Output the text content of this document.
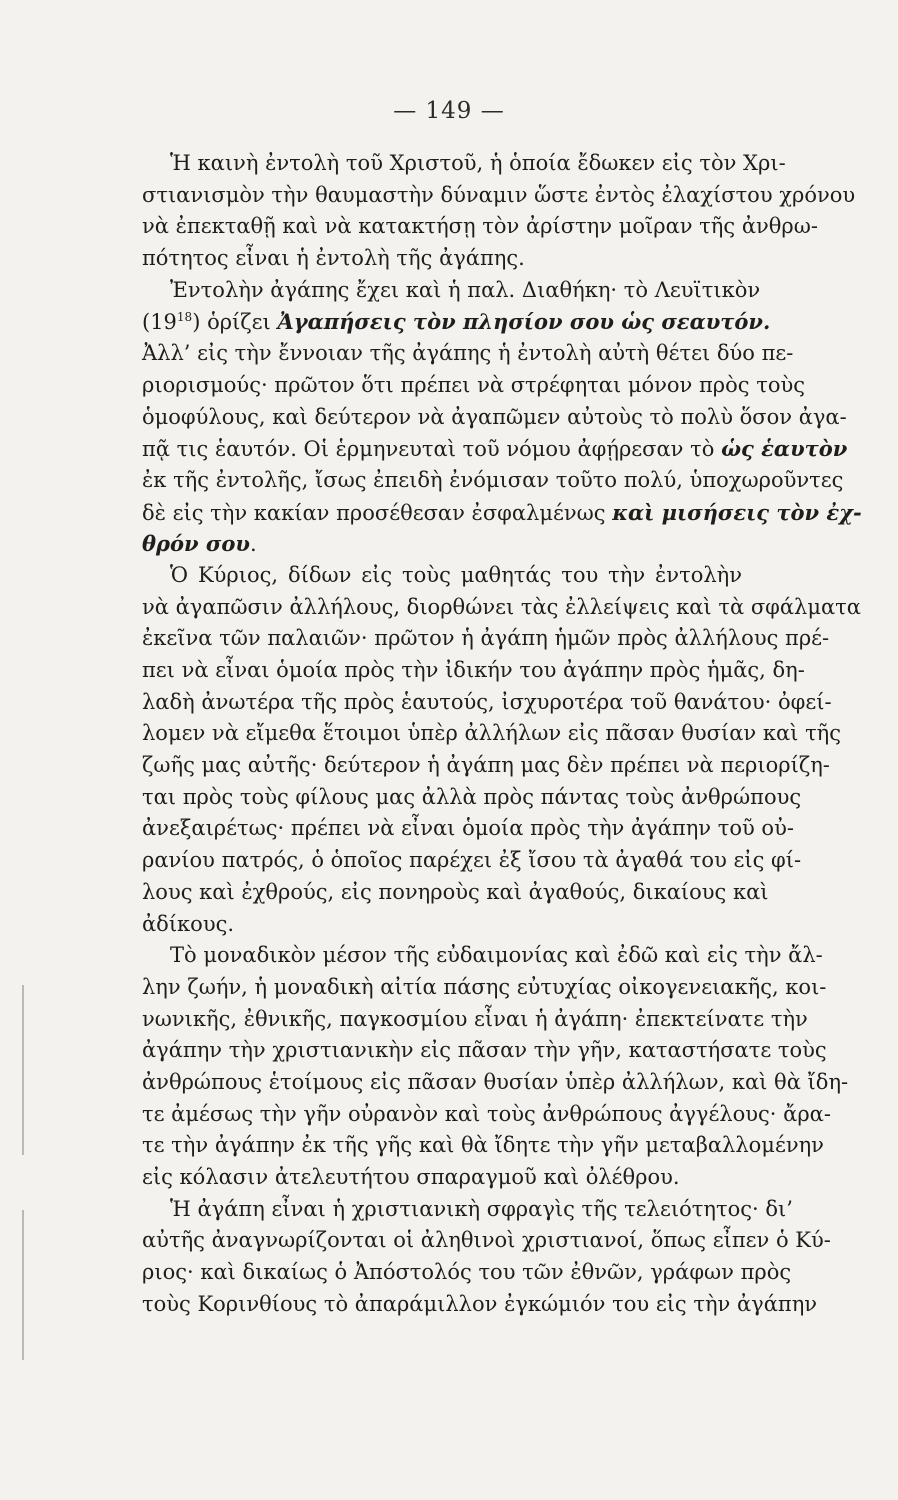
— 149 —
Ἡ καινὴ ἐντολὴ τοῦ Χριστοῦ, ἡ ὁποία ἔδωκεν εἰς τὸν Χρι-
στιανισμὸν τὴν θαυμαστὴν δύναμιν ὥστε ἐντὸς ἐλαχίστου χρόνου
νὰ ἐπεκταθῇ καὶ νὰ κατακτήσῃ τὸν ἀρίστην μοῖραν τῆς ἀνθρω-
πότητος εἶναι ἡ ἐντολὴ τῆς ἀγάπης.
Ἐντολὴν ἀγάπης ἔχει καὶ ἡ παλ. Διαθήκη· τὸ Λευϊτικὸν
$(19^{18})$ ὁρίζει Ἀγαπήσεις τὸν πλησίον σου ὡς σεαυτόν.
Ἀλλ’ εἰς τὴν ἔννοιαν τῆς ἀγάπης ἡ ἐντολὴ αὐτὴ θέτει δύο πε-
ριορισμούς· πρῶτον ὅτι πρέπει νὰ στρέφηται μόνον πρὸς τοὺς
ὁμοφύλους, καὶ δεύτερον νὰ ἀγαπῶμεν αὐτοὺς τὸ πολὺ ὅσον ἀγα-
πᾷ τις ἑαυτόν. Οἱ ἑρμηνευταὶ τοῦ νόμου ἀφῄρεσαν τὸ ὡς ἑαυτὸν
ἐκ τῆς ἐντολῆς, ἴσως ἐπειδὴ ἐνόμισαν τοῦτο πολύ, ὑποχωροῦντες
δὲ εἰς τὴν κακίαν προσέθεσαν ἐσφαλμένως καὶ μισήσεις τὸν ἐχ-
θρόν σου.
Ὁ Κύριος, δίδων εἰς τοὺς μαθητάς του τὴν ἐντολὴν
νὰ ἀγαπῶσιν ἀλλήλους, διορθώνει τὰς ἐλλείψεις καὶ τὰ σφάλματα
ἐκεῖνα τῶν παλαιῶν· πρῶτον ἡ ἀγάπη ἡμῶν πρὸς ἀλλήλους πρέ-
πει νὰ εἶναι ὁμοία πρὸς τὴν ἰδικήν του ἀγάπην πρὸς ἡμᾶς, δη-
λαδὴ ἀνωτέρα τῆς πρὸς ἑαυτούς, ἰσχυροτέρα τοῦ θανάτου· ὀφεί-
λομεν νὰ εἴμεθα ἕτοιμοι ὑπὲρ ἀλλήλων εἰς πᾶσαν θυσίαν καὶ τῆς
ζωῆς μας αὐτῆς· δεύτερον ἡ ἀγάπη μας δὲν πρέπει νὰ περιορίζη-
ται πρὸς τοὺς φίλους μας ἀλλὰ πρὸς πάντας τοὺς ἀνθρώπους
ἀνεξαιρέτως· πρέπει νὰ εἶναι ὁμοία πρὸς τὴν ἀγάπην τοῦ οὐ-
ρανίου πατρός, ὁ ὁποῖος παρέχει ἐξ ἴσου τὰ ἀγαθά του εἰς φί-
λους καὶ ἐχθρούς, εἰς πονηροὺς καὶ ἀγαθούς, δικαίους καὶ
ἀδίκους.
Τὸ μοναδικὸν μέσον τῆς εὐδαιμονίας καὶ ἐδῶ καὶ εἰς τὴν ἄλ-
λην ζωήν, ἡ μοναδικὴ αἰτία πάσης εὐτυχίας οἰκογενειακῆς, κοι-
νωνικῆς, ἐθνικῆς, παγκοσμίου εἶναι ἡ ἀγάπη· ἐπεκτείνατε τὴν
ἀγάπην τὴν χριστιανικὴν εἰς πᾶσαν τὴν γῆν, καταστήσατε τοὺς
ἀνθρώπους ἑτοίμους εἰς πᾶσαν θυσίαν ὑπὲρ ἀλλήλων, καὶ θὰ ἴδη-
τε ἀμέσως τὴν γῆν οὐρανὸν καὶ τοὺς ἀνθρώπους ἀγγέλους· ἄρα-
τε τὴν ἀγάπην ἐκ τῆς γῆς καὶ θὰ ἴδητε τὴν γῆν μεταβαλλομένην
εἰς κόλασιν ἀτελευτήτου σπαραγμοῦ καὶ ὀλέθρου.
Ἡ ἀγάπη εἶναι ἡ χριστιανικὴ σφραγὶς τῆς τελειότητος· δι’
αὐτῆς ἀναγνωρίζονται οἱ ἀληθινοὶ χριστιανοί, ὅπως εἶπεν ὁ Κύ-
ριος· καὶ δικαίως ὁ Ἀπόστολός του τῶν ἐθνῶν, γράφων πρὸς
τοὺς Κορινθίους τὸ ἀπαράμιλλον ἐγκώμιόν του εἰς τὴν ἀγάπην
